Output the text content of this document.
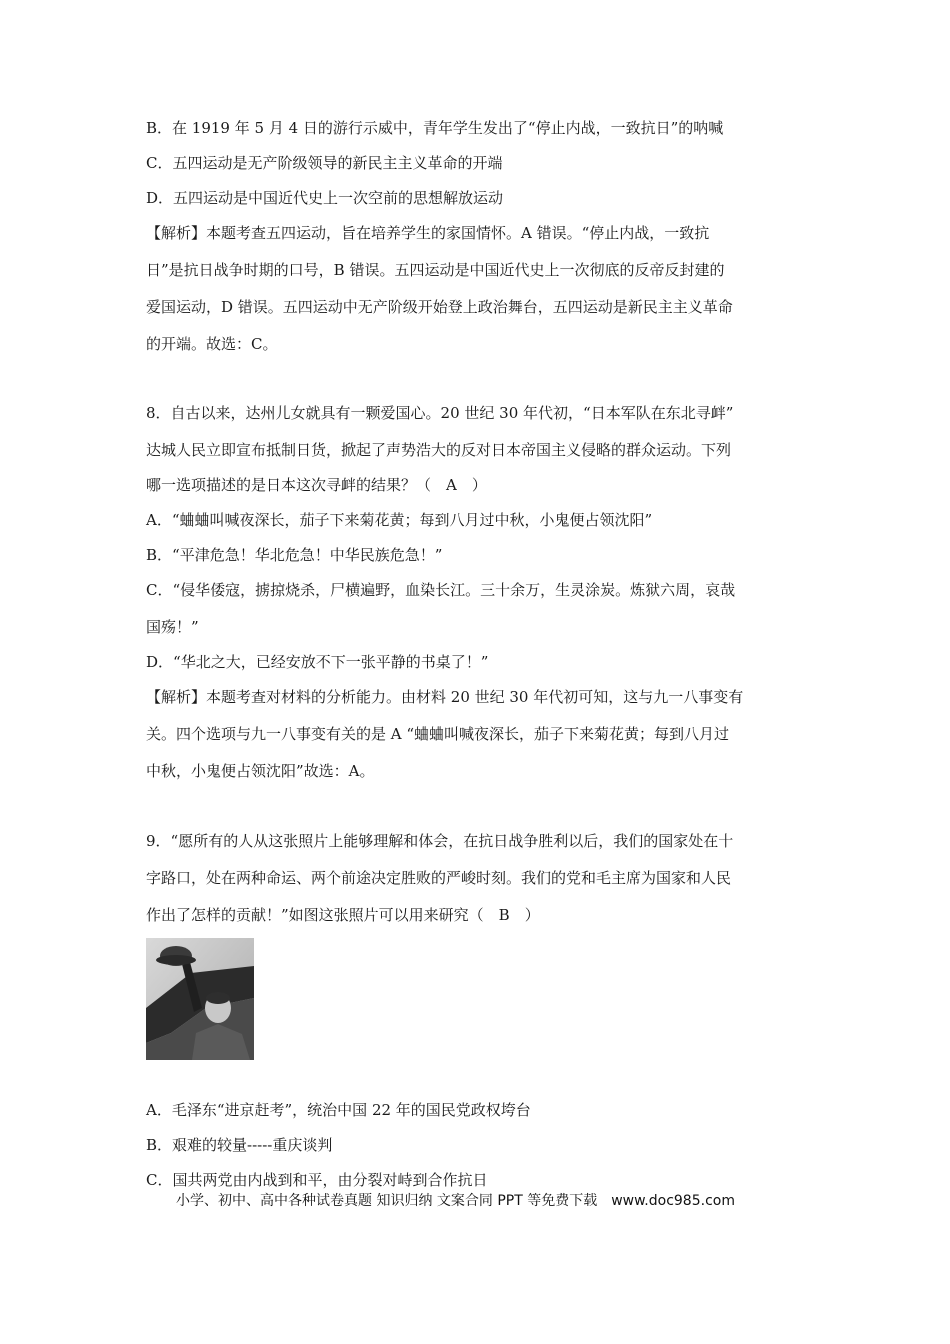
B．在 1919 年 5 月 4 日的游行示威中，青年学生发出了“停止内战，一致抗日”的呐喊
C．五四运动是无产阶级领导的新民主主义革命的开端
D．五四运动是中国近代史上一次空前的思想解放运动
【解析】本题考查五四运动，旨在培养学生的家国情怀。A 错误。“停止内战，一致抗
日”是抗日战争时期的口号，B 错误。五四运动是中国近代史上一次彻底的反帝反封建的
爱国运动，D 错误。五四运动中无产阶级开始登上政治舞台，五四运动是新民主主义革命
的开端。故选：C。
8．自古以来，达州儿女就具有一颗爱国心。20 世纪 30 年代初，“日本军队在东北寻衅”
达城人民立即宣布抵制日货，掀起了声势浩大的反对日本帝国主义侵略的群众运动。下列
哪一选项描述的是日本这次寻衅的结果？（　A　）
A．“蛐蛐叫喊夜深长，茄子下来菊花黄；每到八月过中秋，小鬼便占领沈阳”
B．“平津危急！华北危急！中华民族危急！”
C．“侵华倭寇，掳掠烧杀，尸横遍野，血染长江。三十余万，生灵涂炭。炼狱六周，哀哉
国殇！”
D．“华北之大，已经安放不下一张平静的书桌了！”
【解析】本题考查对材料的分析能力。由材料 20 世纪 30 年代初可知，这与九一八事变有
关。四个选项与九一八事变有关的是 A “蛐蛐叫喊夜深长，茄子下来菊花黄；每到八月过
中秋，小鬼便占领沈阳”故选：A。
9．“愿所有的人从这张照片上能够理解和体会，在抗日战争胜利以后，我们的国家处在十
字路口，处在两种命运、两个前途决定胜败的严峻时刻。我们的党和毛主席为国家和人民
作出了怎样的贡献！”如图这张照片可以用来研究（　B　）
A．毛泽东“进京赶考”，统治中国 22 年的国民党政权垮台
B．艰难的较量-----重庆谈判
C．国共两党由内战到和平，由分裂对峙到合作抗日
小学、初中、高中各种试卷真题 知识归纳 文案合同 PPT 等免费下载　www.doc985.com
